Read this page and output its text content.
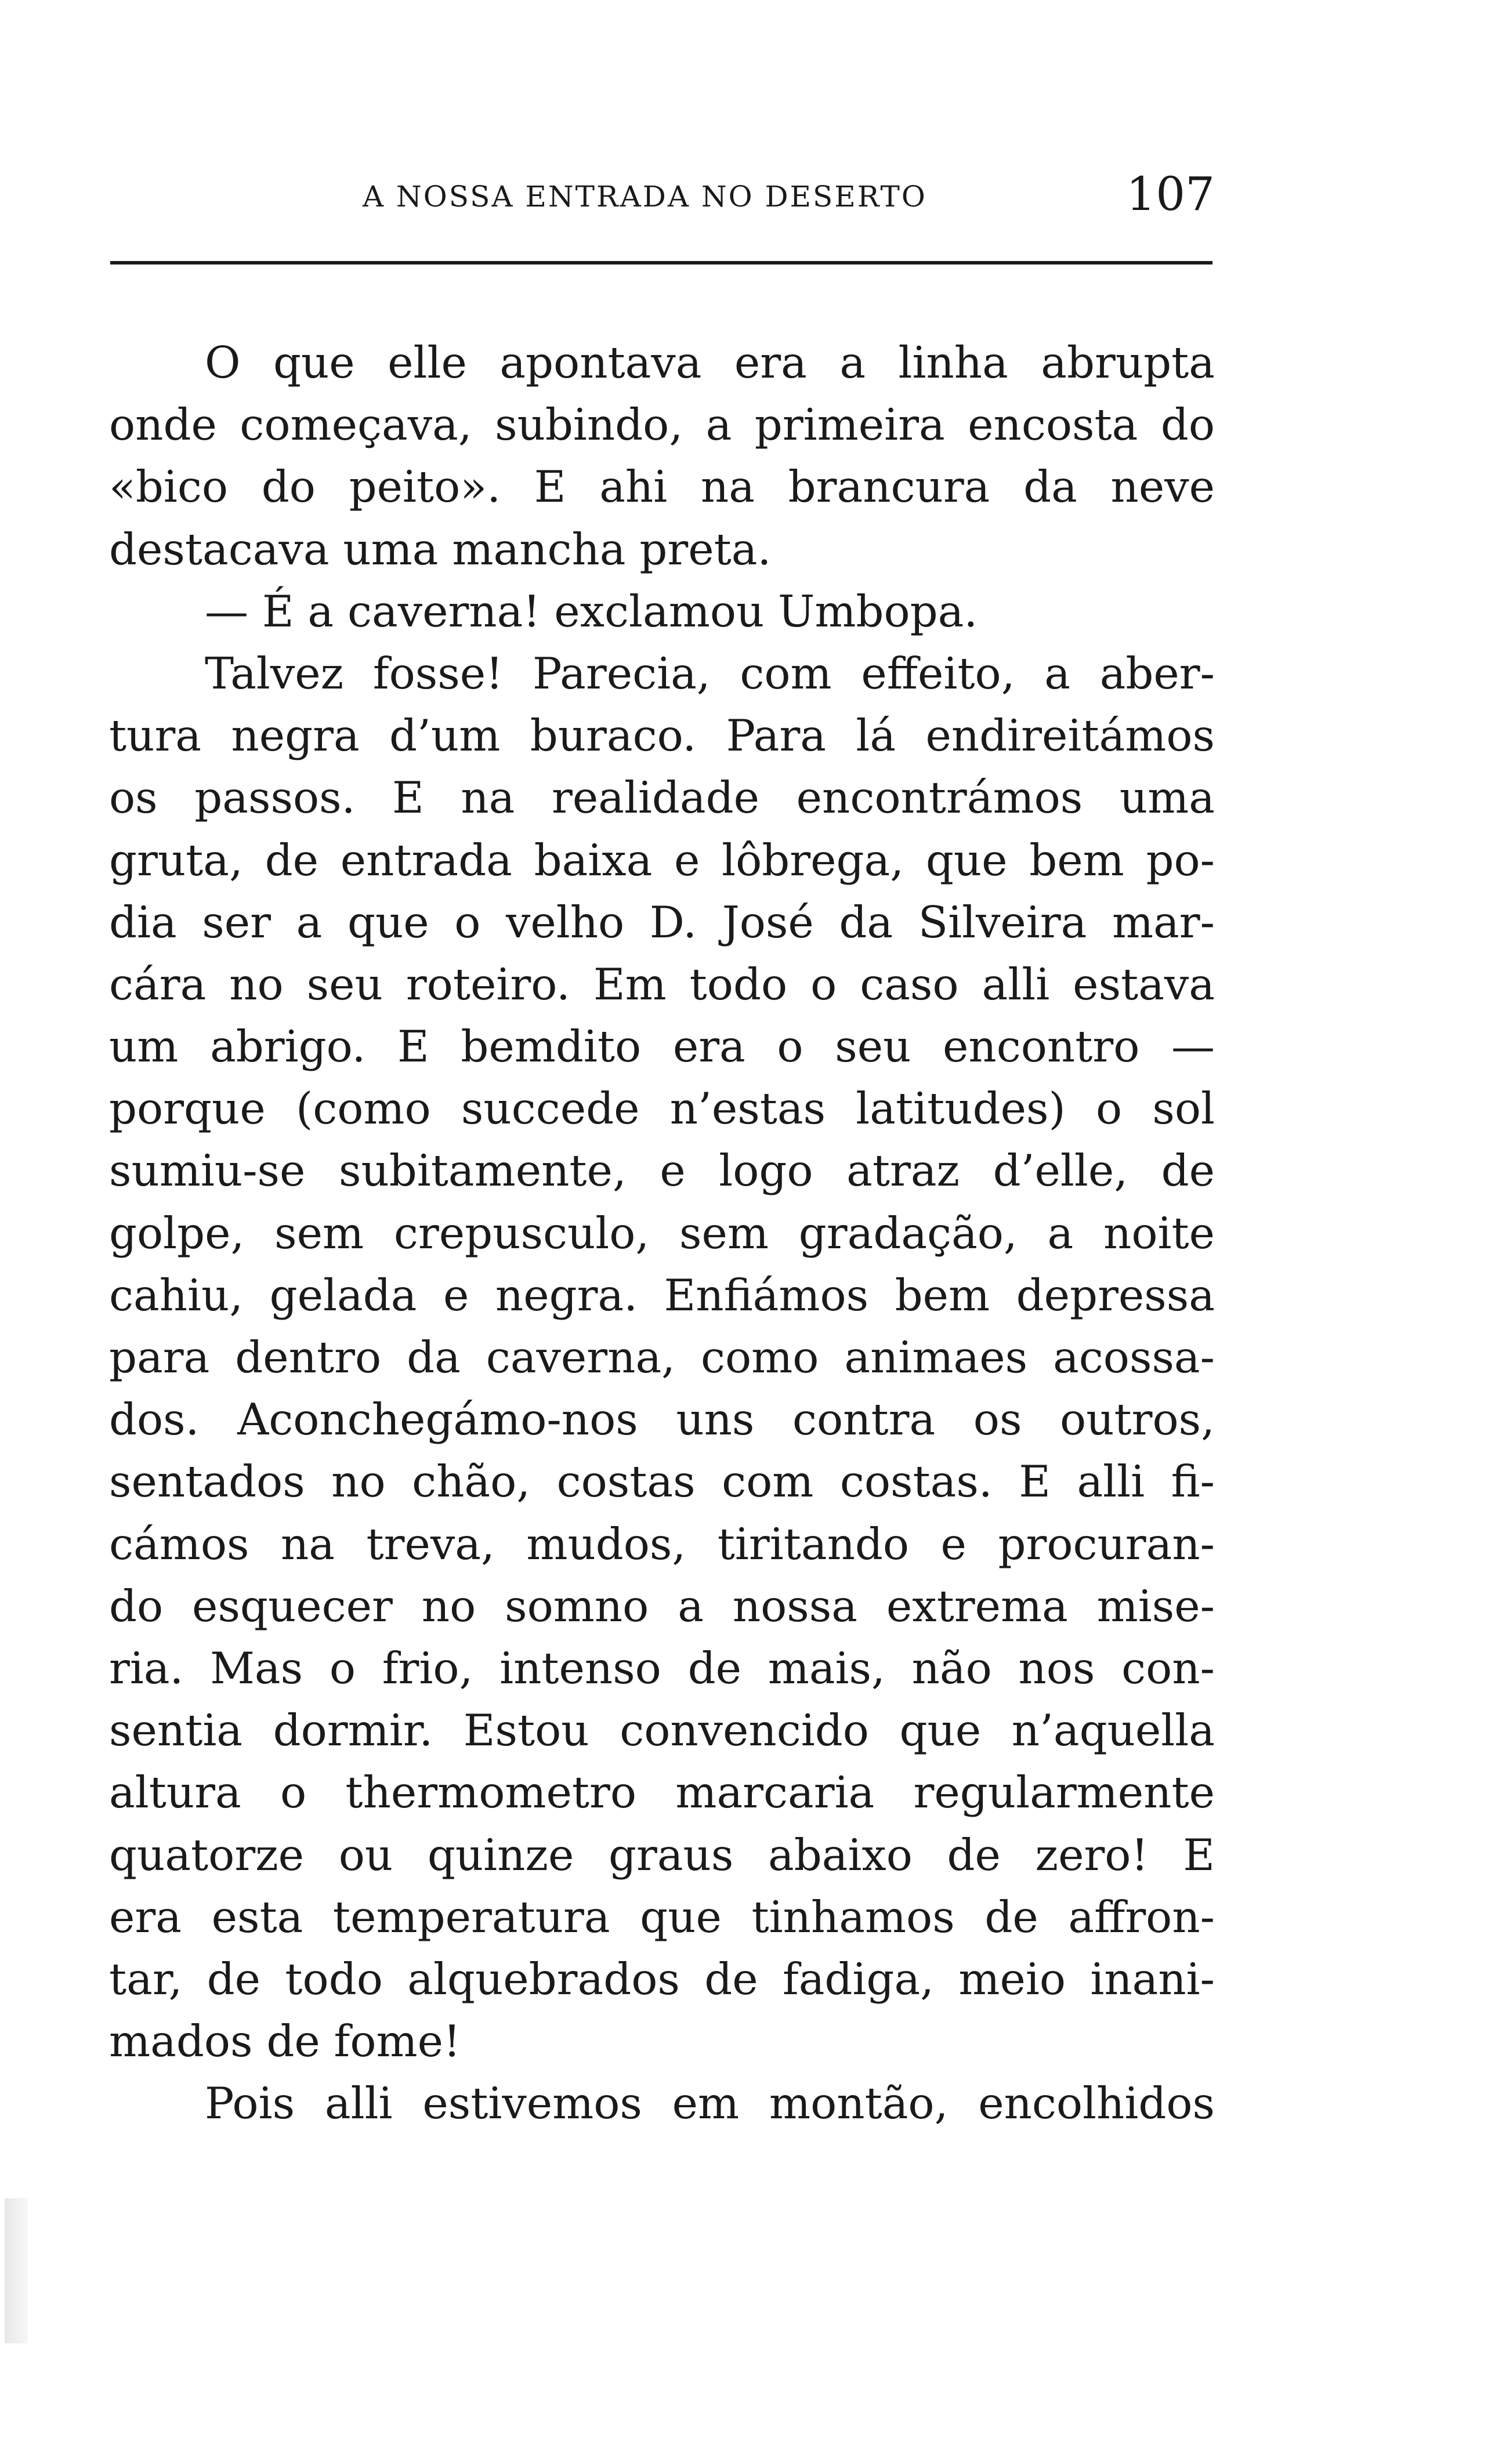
A NOSSA ENTRADA NO DESERTO	107
O que elle apontava era a linha abrupta
onde começava, subindo, a primeira encosta do
«bico do peito». E ahi na brancura da neve
destacava uma mancha preta.
— É a caverna! exclamou Umbopa.
Talvez fosse! Parecia, com effeito, a aber-
tura negra d’um buraco. Para lá endireitámos
os passos. E na realidade encontrámos uma
gruta, de entrada baixa e lôbrega, que bem po-
dia ser a que o velho D. José da Silveira mar-
cára no seu roteiro. Em todo o caso alli estava
um abrigo. E bemdito era o seu encontro —
porque (como succede n’estas latitudes) o sol
sumiu-se subitamente, e logo atraz d’elle, de
golpe, sem crepusculo, sem gradação, a noite
cahiu, gelada e negra. Enfiámos bem depressa
para dentro da caverna, como animaes acossa-
dos. Aconchegámo-nos uns contra os outros,
sentados no chão, costas com costas. E alli fi-
cámos na treva, mudos, tiritando e procuran-
do esquecer no somno a nossa extrema mise-
ria. Mas o frio, intenso de mais, não nos con-
sentia dormir. Estou convencido que n’aquella
altura o thermometro marcaria regularmente
quatorze ou quinze graus abaixo de zero! E
era esta temperatura que tinhamos de affron-
tar, de todo alquebrados de fadiga, meio inani-
mados de fome!
Pois alli estivemos em montão, encolhidos
